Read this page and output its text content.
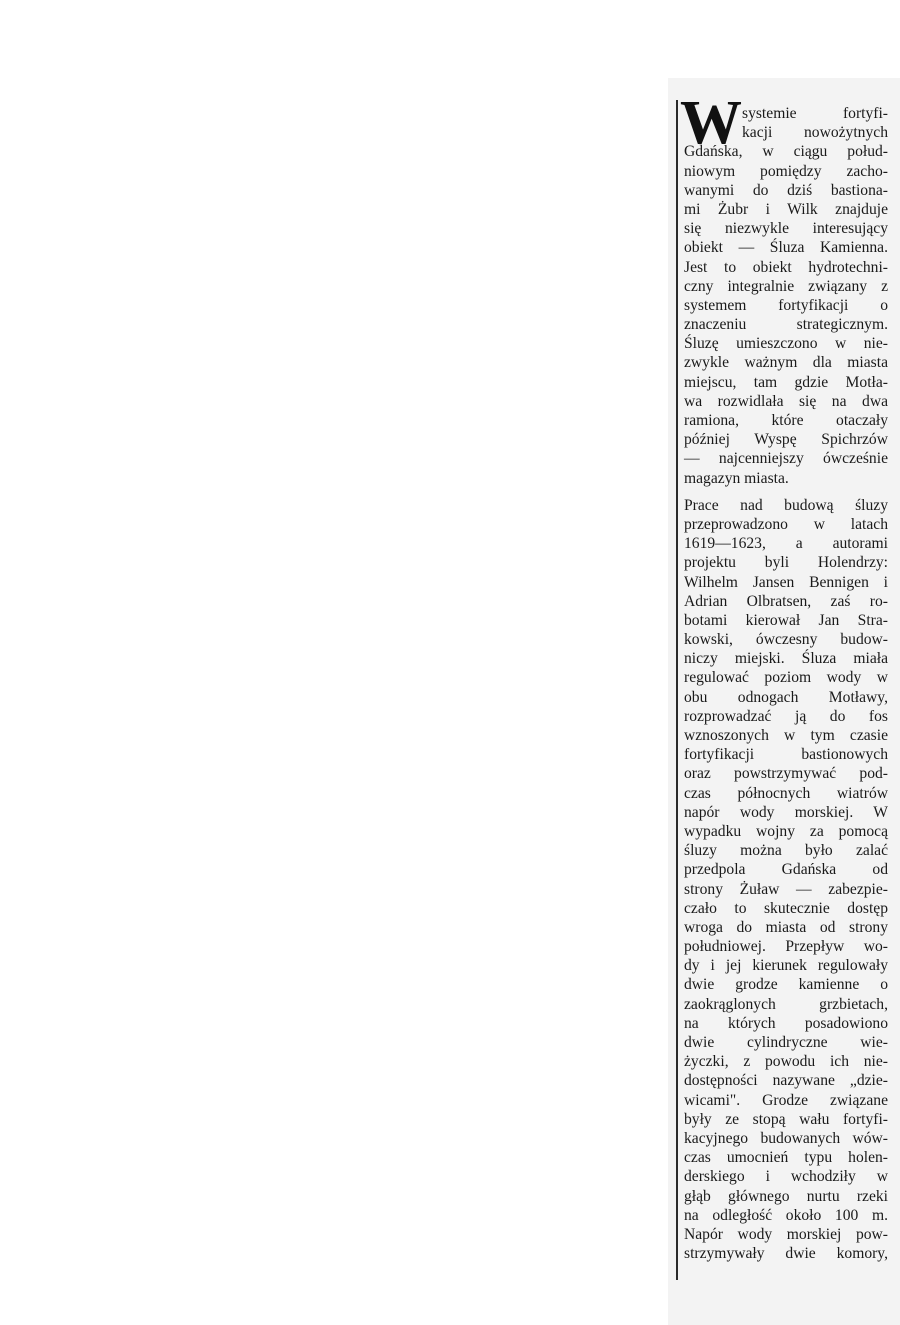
W systemie fortyfi-
kacji nowożytnych
Gdańska, w ciągu połud-
niowym pomiędzy zacho-
wanymi do dziś bastiona-
mi Żubr i Wilk znajduje
się niezwykle interesujący
obiekt — Śluza Kamienna.
Jest to obiekt hydrotechni-
czny integralnie związany z
systemem fortyfikacji o
znaczeniu strategicznym.
Śluzę umieszczono w nie-
zwykle ważnym dla miasta
miejscu, tam gdzie Motła-
wa rozwidlała się na dwa
ramiona, które otaczały
później Wyspę Spichrzów
— najcenniejszy ówcześnie
magazyn miasta.
Prace nad budową śluzy
przeprowadzono w latach
1619—1623, a autorami
projektu byli Holendrzy:
Wilhelm Jansen Bennigen i
Adrian Olbratsen, zaś ro-
botami kierował Jan Stra-
kowski, ówczesny budow-
niczy miejski. Śluza miała
regulować poziom wody w
obu odnogach Motławy,
rozprowadzać ją do fos
wznoszonych w tym czasie
fortyfikacji bastionowych
oraz powstrzymywać pod-
czas północnych wiatrów
napór wody morskiej. W
wypadku wojny za pomocą
śluzy można było zalać
przedpola Gdańska od
strony Żuław — zabezpie-
czało to skutecznie dostęp
wroga do miasta od strony
południowej. Przepływ wo-
dy i jej kierunek regulowały
dwie grodze kamienne o
zaokrąglonych grzbietach,
na których posadowiono
dwie cylindryczne wie-
życzki, z powodu ich nie-
dostępności nazywane „dzie-
wicami". Grodze związane
były ze stopą wału fortyfi-
kacyjnego budowanych wów-
czas umocnień typu holen-
derskiego i wchodziły w
głąb głównego nurtu rzeki
na odległość około 100 m.
Napór wody morskiej pow-
strzymywały dwie komory,
